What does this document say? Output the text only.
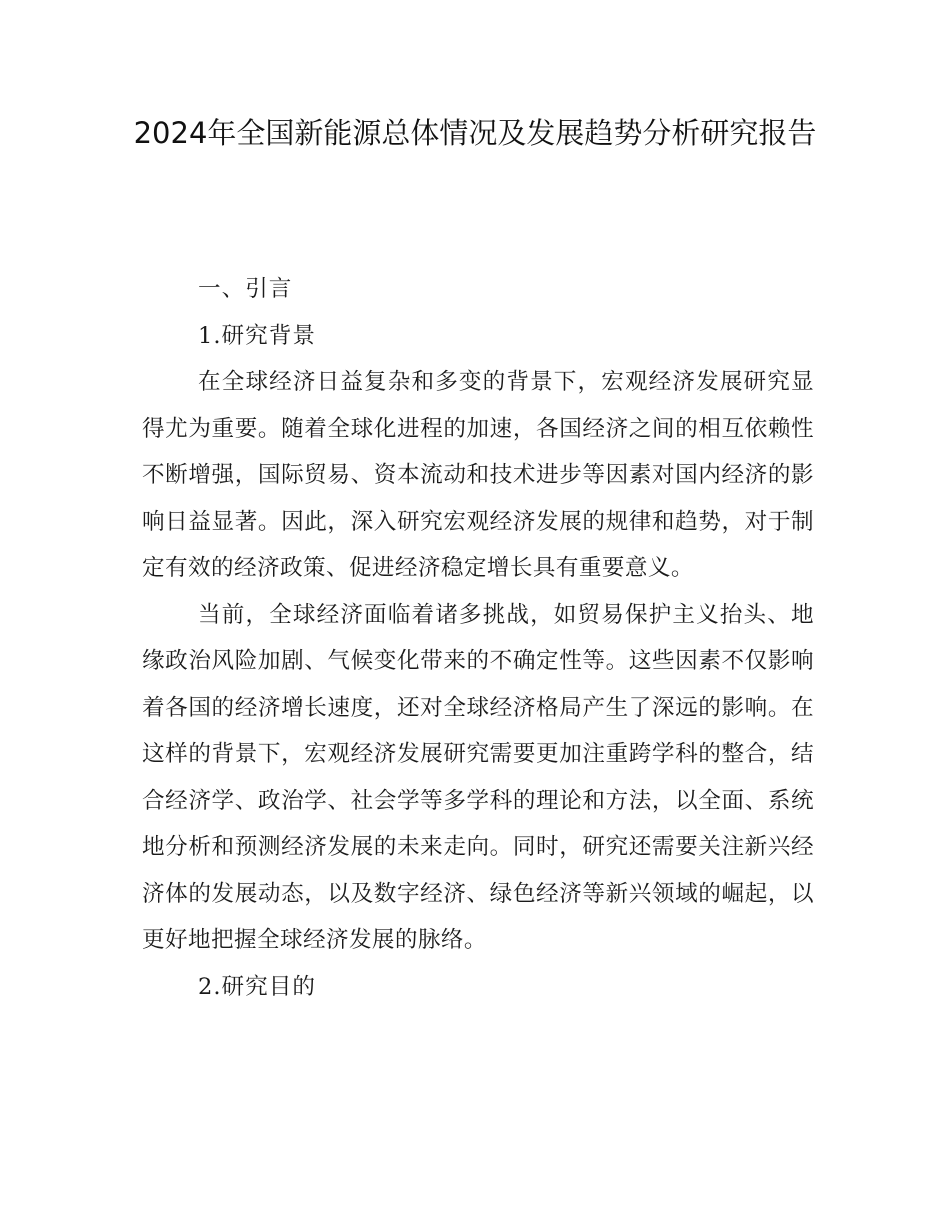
2024年全国新能源总体情况及发展趋势分析研究报告
一、引言
1.研究背景

在全球经济日益复杂和多变的背景下，宏观经济发展研究显得尤为重要。随着全球化进程的加速，各国经济之间的相互依赖性不断增强，国际贸易、资本流动和技术进步等因素对国内经济的影响日益显著。因此，深入研究宏观经济发展的规律和趋势，对于制定有效的经济政策、促进经济稳定增长具有重要意义。

当前，全球经济面临着诸多挑战，如贸易保护主义抬头、地缘政治风险加剧、气候变化带来的不确定性等。这些因素不仅影响着各国的经济增长速度，还对全球经济格局产生了深远的影响。在这样的背景下，宏观经济发展研究需要更加注重跨学科的整合，结合经济学、政治学、社会学等多学科的理论和方法，以全面、系统地分析和预测经济发展的未来走向。同时，研究还需要关注新兴经济体的发展动态，以及数字经济、绿色经济等新兴领域的崛起，以更好地把握全球经济发展的脉络。

2.研究目的
